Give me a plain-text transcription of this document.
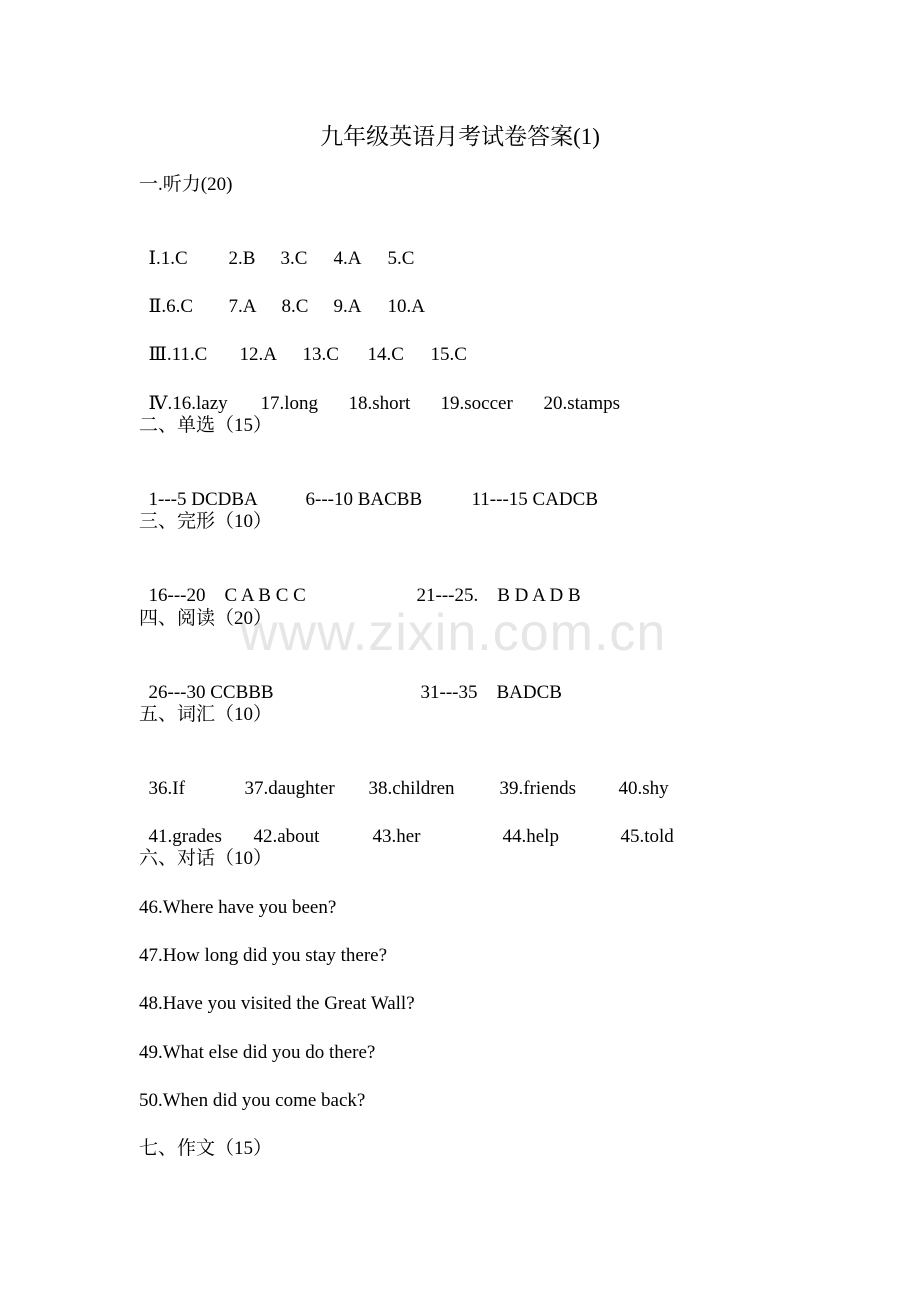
www.zixin.com.cn
九年级英语月考试卷答案(1)
一.听力(20)

Ⅰ.1.C 2.B 3.C 4.A 5.C

Ⅱ.6.C 7.A 8.C 9.A 10.A

Ⅲ.11.C 12.A 13.C 14.C 15.C

Ⅳ.16.lazy 17.long 18.short 19.soccer 20.stamps

二、单选（15）

1---5 DCDBA	6---10 BACBB	11---15 CADCB

三、完形（10）

16---20    C A B C C	21---25.    B D A D B

四、阅读（20）

26---30 CCBBB	31---35    BADCB

五、词汇（10）

36.If	37.daughter 38.children 39.friends 40.shy

41.grades 42.about	43.her	44.help	45.told

六、对话（10）
46.Where have you been?
47.How long did you stay there?
48.Have you visited the Great Wall?
49.What else did you do there?
50.When did you come back?
七、作文（15）
